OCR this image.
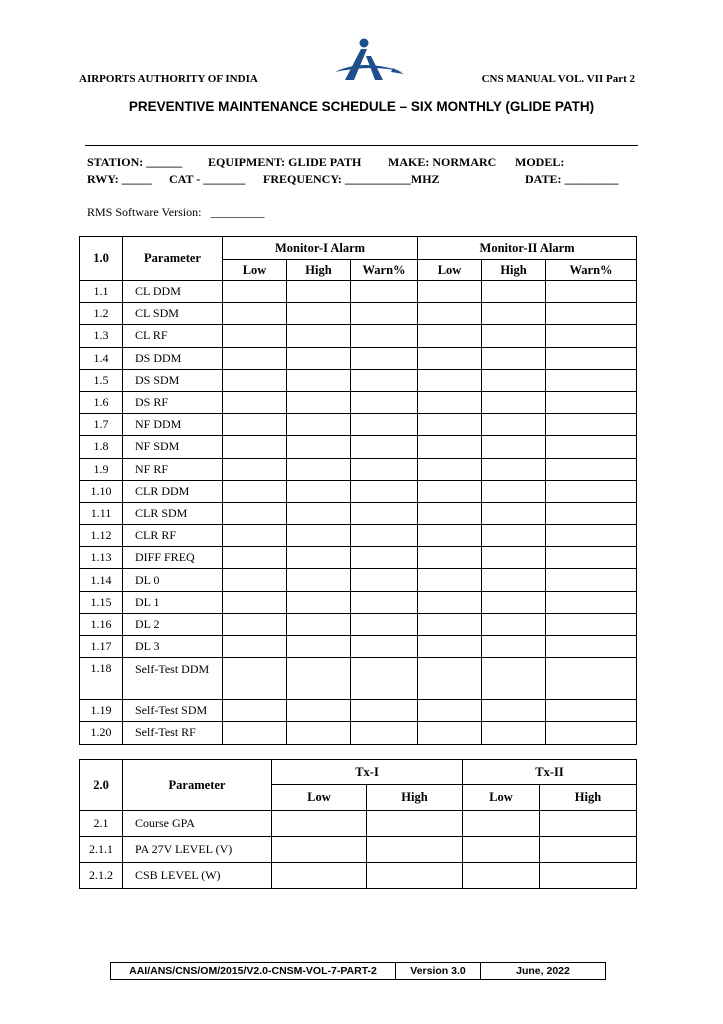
AIRPORTS AUTHORITY OF INDIA	CNS MANUAL VOL. VII Part 2
PREVENTIVE MAINTENANCE SCHEDULE – SIX MONTHLY (GLIDE PATH)
STATION: ______ EQUIPMENT: GLIDE PATH MAKE: NORMARC MODEL:
RWY: _____ CAT - _______ FREQUENCY: ___________MHZ	DATE: _________
RMS Software Version:   _________
1.0	Parameter	Monitor-I Alarm			Monitor-II Alarm		
		Low	High	Warn%	Low	High	Warn%
1.1	CL DDM						
1.2	CL SDM						
1.3	CL RF						
1.4	DS DDM						
1.5	DS SDM						
1.6	DS RF						
1.7	NF DDM						
1.8	NF SDM						
1.9	NF RF						
1.10	CLR DDM						
1.11	CLR SDM						
1.12	CLR RF						
1.13	DIFF FREQ						
1.14	DL 0						
1.15	DL 1						
1.16	DL 2						
1.17	DL 3						
1.18	Self-Test DDM						
1.19	Self-Test SDM						
1.20	Self-Test RF						
2.0	Parameter	Tx-I		Tx-II	
		Low	High	Low	High
2.1	Course GPA				
2.1.1	PA 27V LEVEL (V)				
2.1.2	CSB LEVEL (W)				
AAI/ANS/CNS/OM/2015/V2.0-CNSM-VOL-7-PART-2	Version 3.0	June, 2022
